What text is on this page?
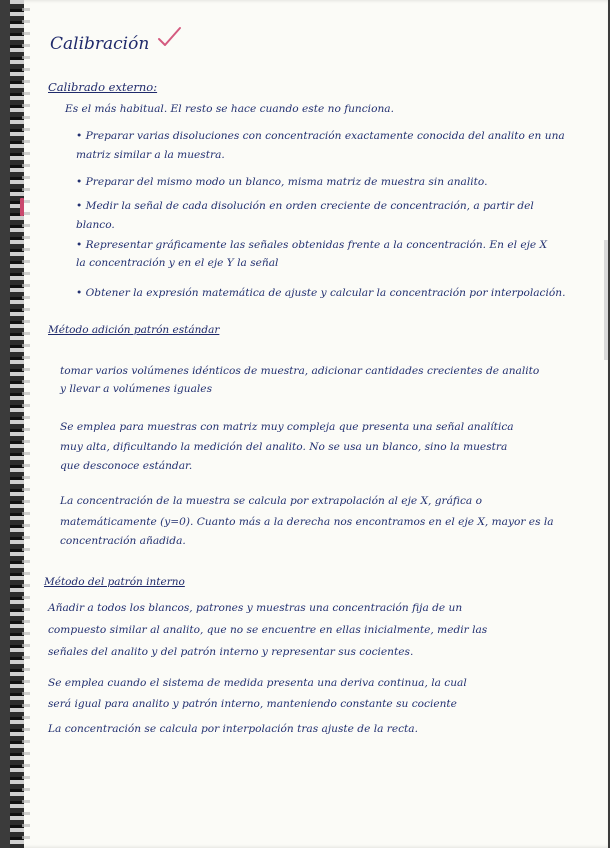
Calibración
Calibrado externo:
Es el más habitual. El resto se hace cuando este no funciona.
• Preparar varias disoluciones con concentración exactamente conocida del analito en una
matriz similar a la muestra.
• Preparar del mismo modo un blanco, misma matriz de muestra sin analito.
• Medir la señal de cada disolución en orden creciente de concentración, a partir del
blanco.
• Representar gráficamente las señales obtenidas frente a la concentración. En el eje X
la concentración y en el eje Y la señal
• Obtener la expresión matemática de ajuste y calcular la concentración por interpolación.
Método adición patrón estándar
tomar varios volúmenes idénticos de muestra, adicionar cantidades crecientes de analito
y llevar a volúmenes iguales
Se emplea para muestras con matriz muy compleja que presenta una señal analítica
muy alta, dificultando la medición del analito. No se usa un blanco, sino la muestra
que desconoce estándar.
La concentración de la muestra se calcula por extrapolación al eje X, gráfica o
matemáticamente (y=0). Cuanto más a la derecha nos encontramos en el eje X, mayor es la
concentración añadida.
Método del patrón interno
Añadir a todos los blancos, patrones y muestras una concentración fija de un
compuesto similar al analito, que no se encuentre en ellas inicialmente, medir las
señales del analito y del patrón interno y representar sus cocientes.
Se emplea cuando el sistema de medida presenta una deriva continua, la cual
será igual para analito y patrón interno, manteniendo constante su cociente
La concentración se calcula por interpolación tras ajuste de la recta.
